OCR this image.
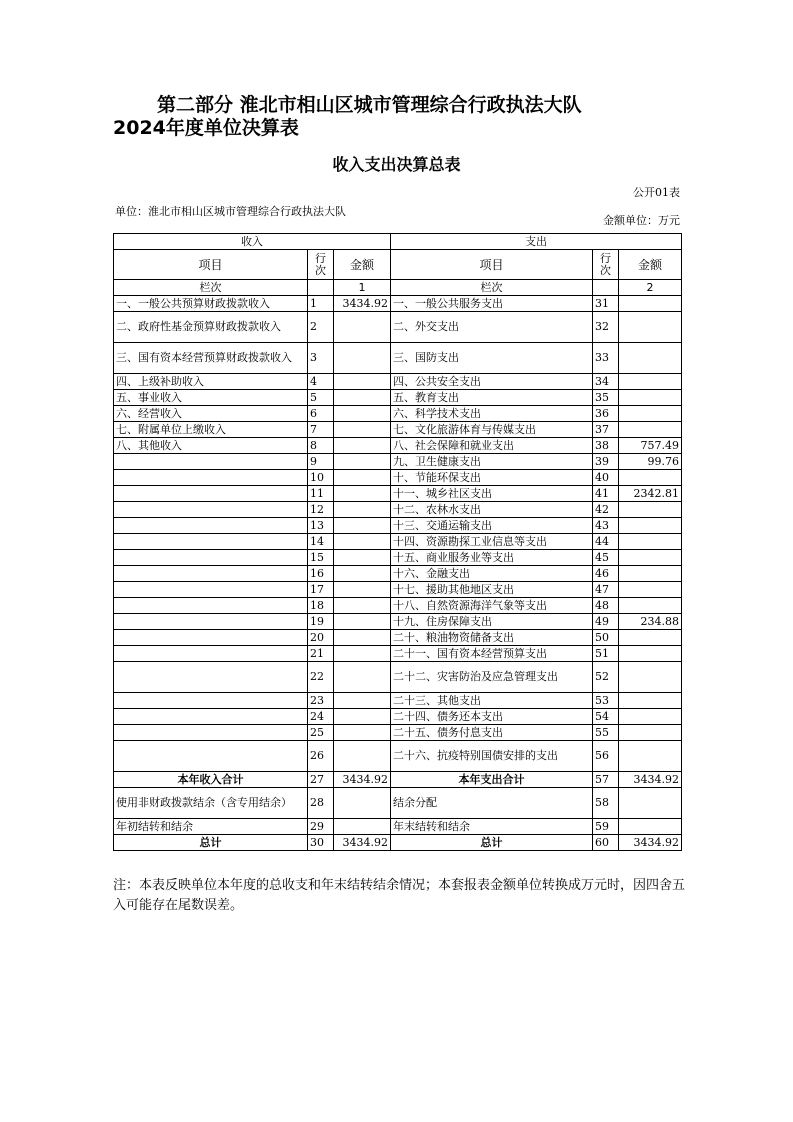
第二部分 淮北市相山区城市管理综合行政执法大队
2024年度单位决算表
收入支出决算总表
公开01表
单位：淮北市相山区城市管理综合行政执法大队
金额单位：万元
收入			支出		
项目	行次	金额	项目	行次	金额
栏次		1	栏次		2
一、一般公共预算财政拨款收入	1	3434.92	一、一般公共服务支出	31	
二、政府性基金预算财政拨款收入	2		二、外交支出	32	
三、国有资本经营预算财政拨款收入	3		三、国防支出	33	
四、上级补助收入	4		四、公共安全支出	34	
五、事业收入	5		五、教育支出	35	
六、经营收入	6		六、科学技术支出	36	
七、附属单位上缴收入	7		七、文化旅游体育与传媒支出	37	
八、其他收入	8		八、社会保障和就业支出	38	757.49
	9		九、卫生健康支出	39	99.76
	10		十、节能环保支出	40	
	11		十一、城乡社区支出	41	2342.81
	12		十二、农林水支出	42	
	13		十三、交通运输支出	43	
	14		十四、资源勘探工业信息等支出	44	
	15		十五、商业服务业等支出	45	
	16		十六、金融支出	46	
	17		十七、援助其他地区支出	47	
	18		十八、自然资源海洋气象等支出	48	
	19		十九、住房保障支出	49	234.88
	20		二十、粮油物资储备支出	50	
	21		二十一、国有资本经营预算支出	51	
	22		二十二、灾害防治及应急管理支出	52	
	23		二十三、其他支出	53	
	24		二十四、债务还本支出	54	
	25		二十五、债务付息支出	55	
	26		二十六、抗疫特别国债安排的支出	56	
本年收入合计	27	3434.92	本年支出合计	57	3434.92
使用非财政拨款结余（含专用结余）	28		结余分配	58	
年初结转和结余	29		年末结转和结余	59	
总计	30	3434.92	总计	60	3434.92
注：本表反映单位本年度的总收支和年末结转结余情况；本套报表金额单位转换成万元时，因四舍五入可能存在尾数误差。
